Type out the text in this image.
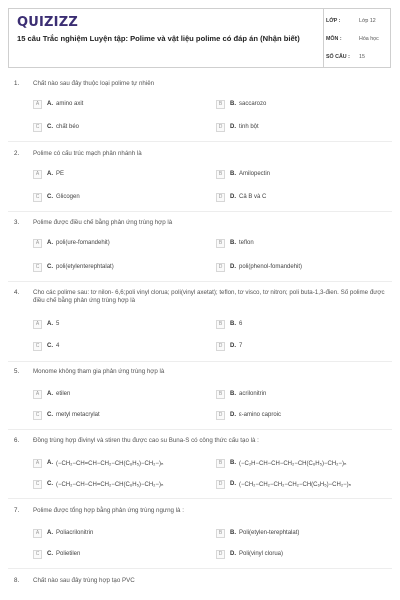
QUIZIZZ
15 câu Trắc nghiệm Luyện tập: Polime và vật liệu polime có đáp án (Nhận biết)
LỚP :	Lớp 12
MÔN :	Hóa học
SỐ CÂU :	15
1. Chất nào sau đây thuộc loại polime tự nhiên
A	A. amino axit	B	B. saccarozo
C	C. chất béo	D	D. tinh bột
2. Polime có cấu trúc mạch phân nhánh là
A	A. PE	B	B. Amilopectin
C	C. Glicogen	D	D. Cả B và C
3. Polime được điều chế bằng phản ứng trùng hợp là
A	A. poli(ure-fomandehit)	B	B. teflon
C	C. poli(etylenterephtalat)	D	D. poli(phenol-fomandehit)
4. Cho các polime sau: tơ nilon- 6,6;poli vinyl clorua; poli(vinyl axetat); teflon, tơ visco, tơ nitron; poli buta-1,3-đien. Số polime được điều chế bằng phản ứng trùng hợp là
A	A. 5	B	B. 6
C	C. 4	D	D. 7
5. Monome không tham gia phản ứng trùng hợp là
A	A. etilen	B	B. acrilonitrin
C	C. metyl metacrylat	D	D. ε-amino caproic
6. Đồng trùng hợp đivinyl và stiren thu được cao su Buna-S có công thức cấu tạo là :
A	A. (−CH₂−CH=CH−CH₂−CH(C₆H₅)−CH₂−)ₙ	B	B. (−C₂H−CH−CH−CH₂−CH(C₆H₅)−CH₂−)ₙ
C	C. (−CH₂−CH−CH=CH₂−CH(C₆H₅)−CH₂−)ₙ	D	D. (−CH₂−CH₂−CH₂−CH₂−CH(C₆H₅)−CH₂−)ₙ
7. Polime được tổng hợp bằng phản ứng trùng ngưng là :
A	A. Poliacrilonitrin	B	B. Poli(etylen-terephtalat)
C	C. Polietilen	D	D. Poli(vinyl clorua)
8. Chất nào sau đây trùng hợp tạo PVC
